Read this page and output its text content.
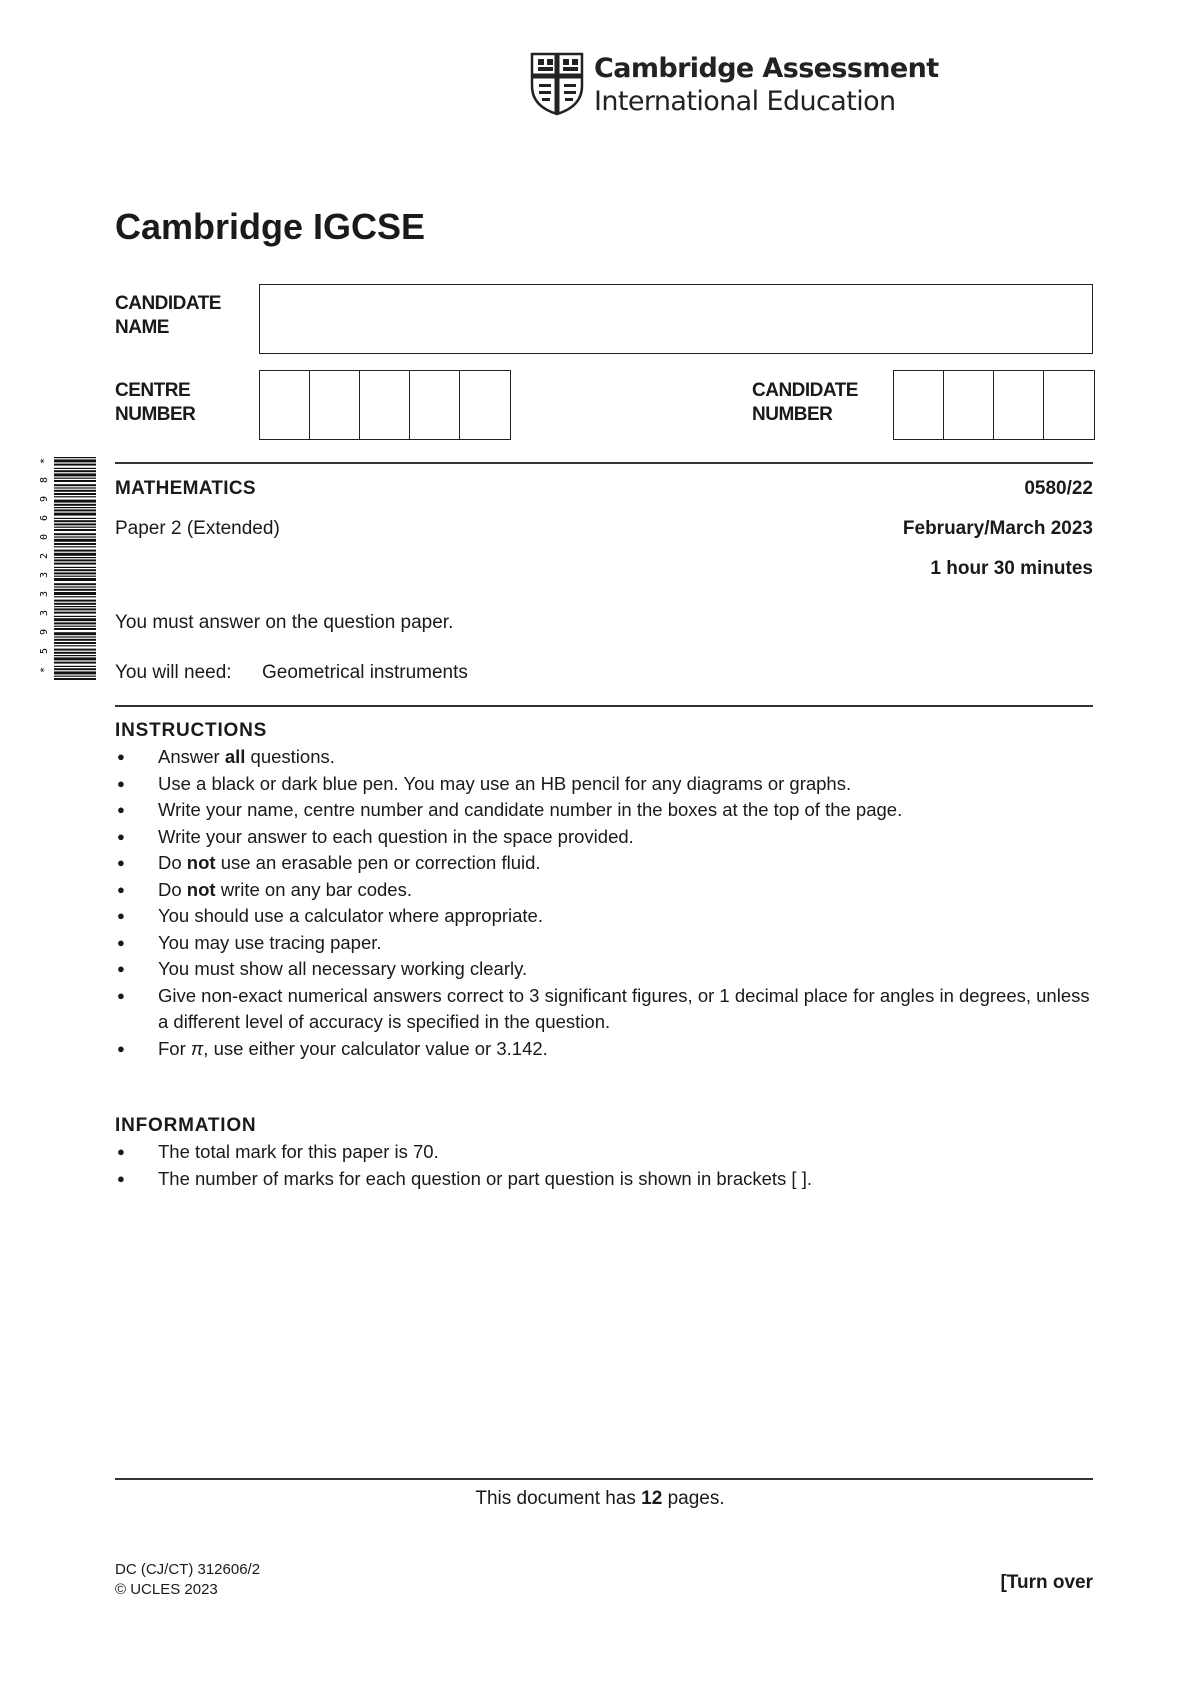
Cambridge Assessment
International Education
Cambridge IGCSE
CANDIDATE
NAME
CENTRE
NUMBER
CANDIDATE
NUMBER
*
8
9
6
0
2
3
3
3
9
5
*
MATHEMATICS	0580/22
Paper 2 (Extended)	February/March 2023
1 hour 30 minutes
You must answer on the question paper.
You will need: Geometrical instruments
INSTRUCTIONS
● Answer all questions.
● Use a black or dark blue pen. You may use an HB pencil for any diagrams or graphs.
● Write your name, centre number and candidate number in the boxes at the top of the page.
● Write your answer to each question in the space provided.
● Do not use an erasable pen or correction fluid.
● Do not write on any bar codes.
● You should use a calculator where appropriate.
● You may use tracing paper.
● You must show all necessary working clearly.
● Give non-exact numerical answers correct to 3 significant figures, or 1 decimal place for angles in degrees, unless a different level of accuracy is specified in the question.
● For π, use either your calculator value or 3.142.
INFORMATION
● The total mark for this paper is 70.
● The number of marks for each question or part question is shown in brackets [ ].
This document has 12 pages.
DC (CJ/CT) 312606/2
© UCLES 2023	[Turn over
